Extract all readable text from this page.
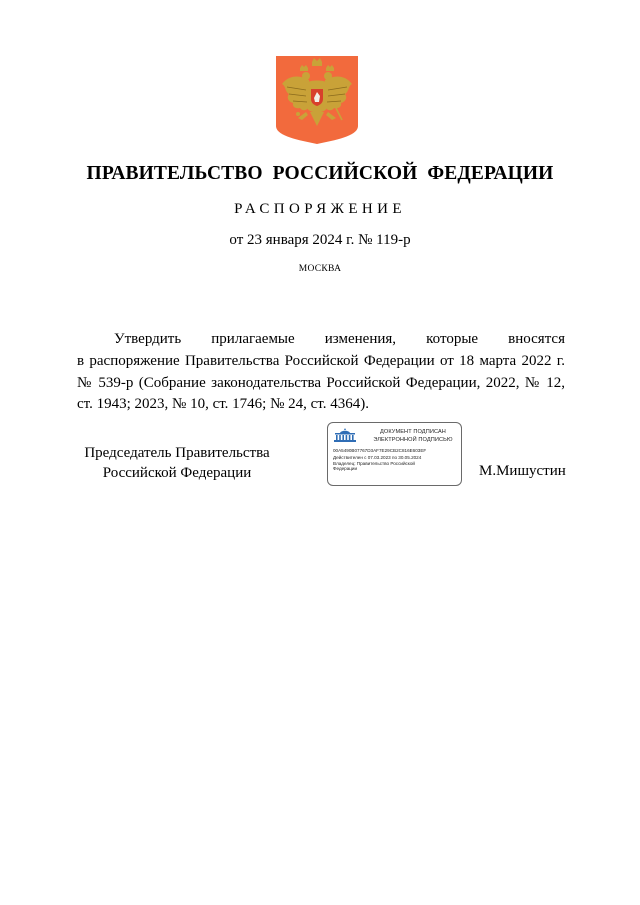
ПРАВИТЕЛЬСТВО РОССИЙСКОЙ ФЕДЕРАЦИИ
РАСПОРЯЖЕНИЕ
от 23 января 2024 г. № 119-р
МОСКВА
Утвердить прилагаемые изменения, которые вносятся
в распоряжение Правительства Российской Федерации от 18 марта 2022 г.
№ 539-р (Собрание законодательства Российской Федерации, 2022, № 12,
ст. 1943; 2023, № 10, ст. 1746; № 24, ст. 4364).
Председатель Правительства
Российской Федерации
ДОКУМЕНТ ПОДПИСАН
ЭЛЕКТРОННОЙ ПОДПИСЬЮ
00A5490B07767D3AF7E29CB2C816E603EF
Действителен с 07.03.2023 по 30.05.2024
Владелец: Правительство Российской
Федерации	М.Мишустин
